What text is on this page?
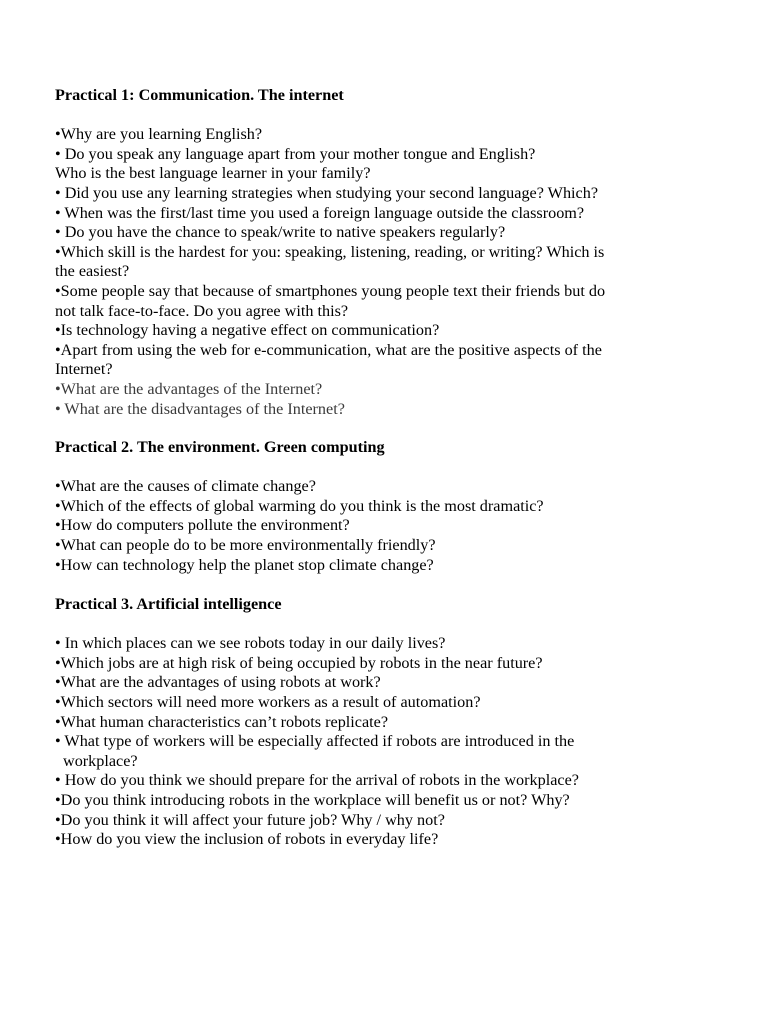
Practical 1: Communication. The internet

•Why are you learning English?

• Do you speak any language apart from your mother tongue and English?

Who is the best language learner in your family?

• Did you use any learning strategies when studying your second language? Which?

• When was the first/last time you used a foreign language outside the classroom?

• Do you have the chance to speak/write to native speakers regularly?

•Which skill is the hardest for you: speaking, listening, reading, or writing? Which is

the easiest?

•Some people say that because of smartphones young people text their friends but do

not talk face-to-face. Do you agree with this?

•Is technology having a negative effect on communication?

•Apart from using the web for e-communication, what are the positive aspects of the

Internet?

•What are the advantages of the Internet?

• What are the disadvantages of the Internet?

Practical 2. The environment. Green computing

•What are the causes of climate change?

•Which of the effects of global warming do you think is the most dramatic?

•How do computers pollute the environment?

•What can people do to be more environmentally friendly?

•How can technology help the planet stop climate change?

Practical 3. Artificial intelligence

• In which places can we see robots today in our daily lives?

•Which jobs are at high risk of being occupied by robots in the near future?

•What are the advantages of using robots at work?

•Which sectors will need more workers as a result of automation?

•What human characteristics can’t robots replicate?

• What type of workers will be especially affected if robots are introduced in the

workplace?

• How do you think we should prepare for the arrival of robots in the workplace?

•Do you think introducing robots in the workplace will benefit us or not? Why?

•Do you think it will affect your future job? Why / why not?

•How do you view the inclusion of robots in everyday life?
